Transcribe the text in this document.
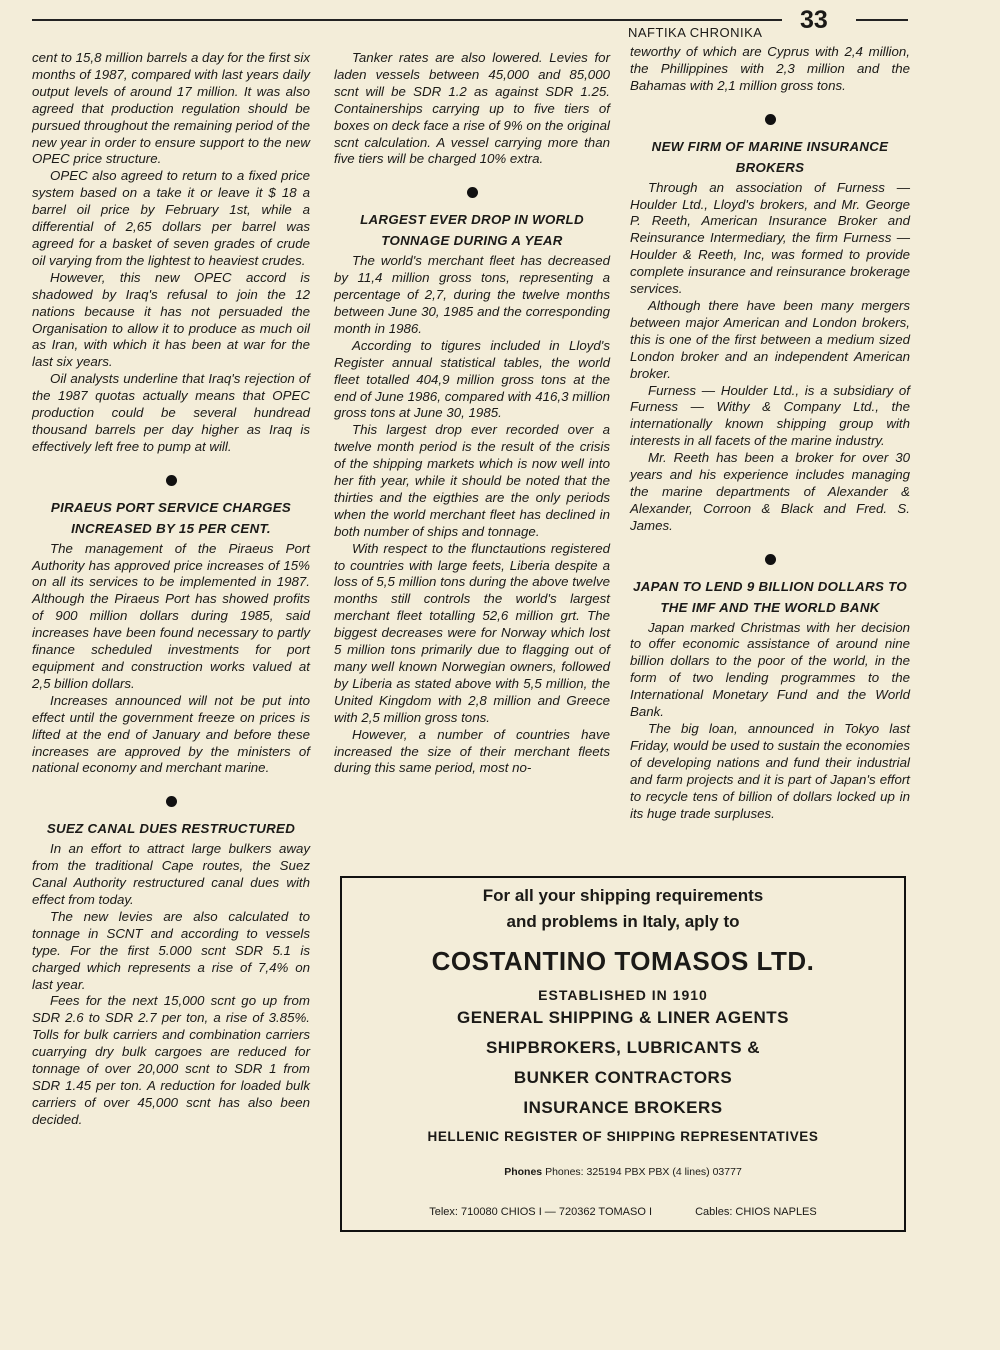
NAFTIKA CHRONIKA 33

cent to 15,8 million barrels a day for the first six months of 1987, compared with last years daily output levels of around 17 million. It was also agreed that production regulation should be pursued throughout the remaining period of the new year in order to ensure support to the new OPEC price structure.

OPEC also agreed to return to a fixed price system based on a take it or leave it $ 18 a barrel oil price by February 1st, while a differential of 2,65 dollars per barrel was agreed for a basket of seven grades of crude oil varying from the lightest to heaviest crudes.

However, this new OPEC accord is shadowed by Iraq's refusal to join the 12 nations because it has not persuaded the Organisation to allow it to produce as much oil as Iran, with which it has been at war for the last six years.

Oil analysts underline that Iraq's rejection of the 1987 quotas actually means that OPEC production could be several hundread thousand barrels per day higher as Iraq is effectively left free to pump at will.

PIRAEUS PORT SERVICE CHARGES INCREASED BY 15 PER CENT.

The management of the Piraeus Port Authority has approved price increases of 15% on all its services to be implemented in 1987. Although the Piraeus Port has showed profits of 900 million dollars during 1985, said increases have been found necessary to partly finance scheduled investments for port equipment and construction works valued at 2,5 billion dollars.

Increases announced will not be put into effect until the government freeze on prices is lifted at the end of January and before these increases are approved by the ministers of national economy and merchant marine.

SUEZ CANAL DUES RESTRUCTURED

In an effort to attract large bulkers away from the traditional Cape routes, the Suez Canal Authority restructured canal dues with effect from today.

The new levies are also calculated to tonnage in SCNT and according to vessels type. For the first 5.000 scnt SDR 5.1 is charged which represents a rise of 7,4% on last year.

Fees for the next 15,000 scnt go up from SDR 2.6 to SDR 2.7 per ton, a rise of 3.85%. Tolls for bulk carriers and combination carriers cuarrying dry bulk cargoes are reduced for tonnage of over 20,000 scnt to SDR 1 from SDR 1.45 per ton. A reduction for loaded bulk carriers of over 45,000 scnt has also been decided.

Tanker rates are also lowered. Levies for laden vessels between 45,000 and 85,000 scnt will be SDR 1.2 as against SDR 1.25. Containerships carrying up to five tiers of boxes on deck face a rise of 9% on the original scnt calculation. A vessel carrying more than five tiers will be charged 10% extra.

LARGEST EVER DROP IN WORLD TONNAGE DURING A YEAR

The world's merchant fleet has decreased by 11,4 million gross tons, representing a percentage of 2,7, during the twelve months between June 30, 1985 and the corresponding month in 1986.

According to tigures included in Lloyd's Register annual statistical tables, the world fleet totalled 404,9 million gross tons at the end of June 1986, compared with 416,3 million gross tons at June 30, 1985.

This largest drop ever recorded over a twelve month period is the result of the crisis of the shipping markets which is now well into her fith year, while it should be noted that the thirties and the eigthies are the only periods when the world merchant fleet has declined in both number of ships and tonnage.

With respect to the flunctautions registered to countries with large feets, Liberia despite a loss of 5,5 million tons during the above twelve months still controls the world's largest merchant fleet totalling 52,6 million grt. The biggest decreases were for Norway which lost 5 million tons primarily due to flagging out of many well known Norwegian owners, followed by Liberia as stated above with 5,5 million, the United Kingdom with 2,8 million and Greece with 2,5 million gross tons.

However, a number of countries have increased the size of their merchant fleets during this same period, most no-

teworthy of which are Cyprus with 2,4 million, the Phillippines with 2,3 million and the Bahamas with 2,1 million gross tons.

NEW FIRM OF MARINE INSURANCE BROKERS

Through an association of Furness — Houlder Ltd., Lloyd's brokers, and Mr. George P. Reeth, American Insurance Broker and Reinsurance Intermediary, the firm Furness — Houlder & Reeth, Inc, was formed to provide complete insurance and reinsurance brokerage services.

Although there have been many mergers between major American and London brokers, this is one of the first between a medium sized London broker and an independent American broker.

Furness — Houlder Ltd., is a subsidiary of Furness — Withy & Company Ltd., the internationally known shipping group with interests in all facets of the marine industry.

Mr. Reeth has been a broker for over 30 years and his experience includes managing the marine departments of Alexander & Alexander, Corroon & Black and Fred. S. James.

JAPAN TO LEND 9 BILLION DOLLARS TO THE IMF AND THE WORLD BANK

Japan marked Christmas with her decision to offer economic assistance of around nine billion dollars to the poor of the world, in the form of two lending programmes to the International Monetary Fund and the World Bank.

The big loan, announced in Tokyo last Friday, would be used to sustain the economies of developing nations and fund their industrial and farm projects and it is part of Japan's effort to recycle tens of billion of dollars locked up in its huge trade surpluses.

For all your shipping requirements
and problems in Italy, aply to
COSTANTINO TOMASOS LTD.
ESTABLISHED IN 1910
GENERAL SHIPPING & LINER AGENTS
SHIPBROKERS, LUBRICANTS &
BUNKER CONTRACTORS
INSURANCE BROKERS
HELLENIC REGISTER OF SHIPPING REPRESENTATIVES
Phones Phones: 325194 PBX PBX (4 lines) 03777
Telex: 710080 CHIOS I — 720362 TOMASO I	Cables: CHIOS NAPLES
